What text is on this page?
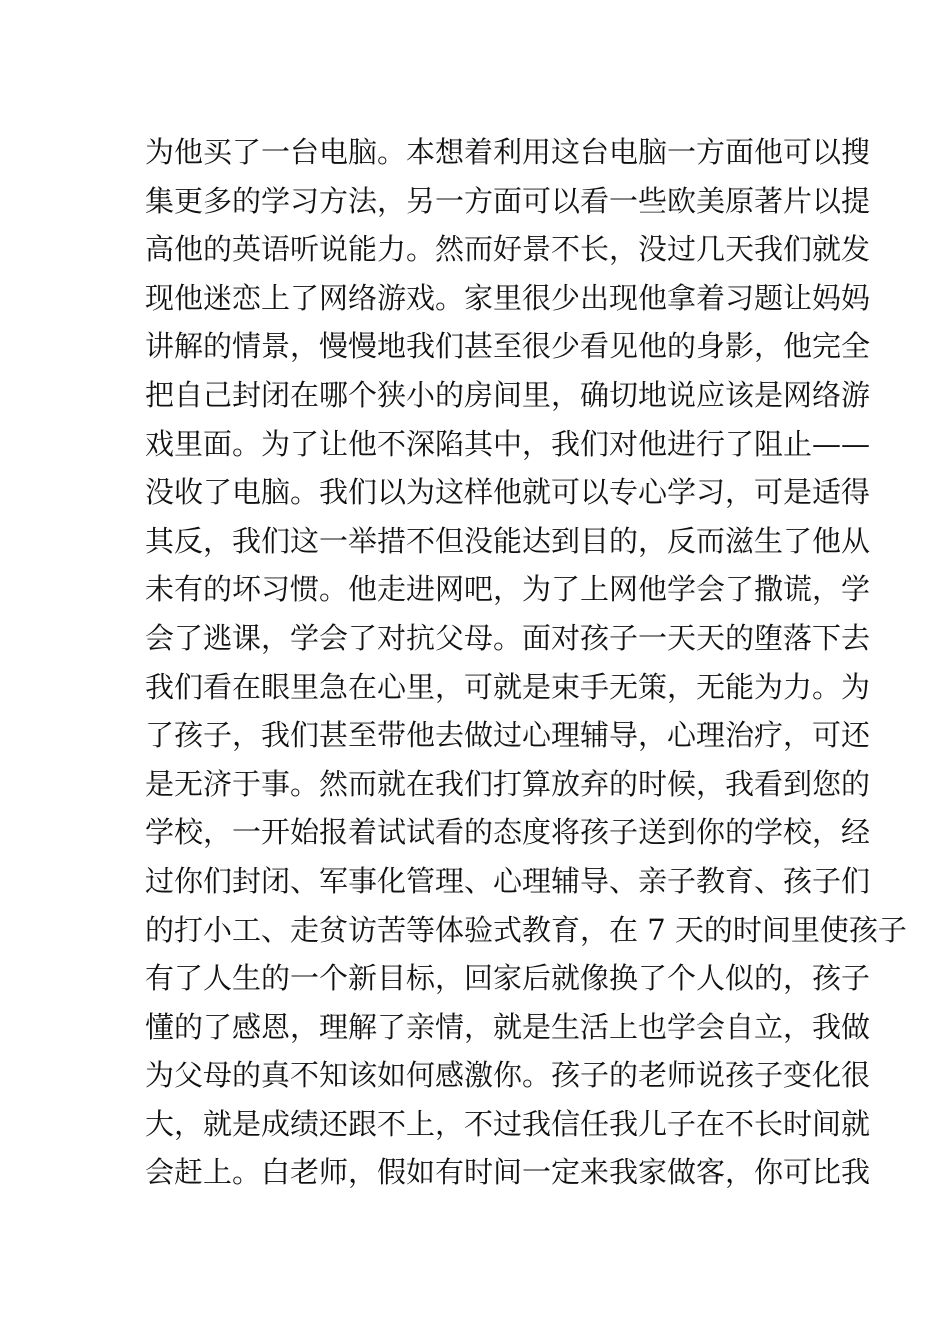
为他买了一台电脑。本想着利用这台电脑一方面他可以搜
集更多的学习方法，另一方面可以看一些欧美原著片以提
高他的英语听说能力。然而好景不长，没过几天我们就发
现他迷恋上了网络游戏。家里很少出现他拿着习题让妈妈
讲解的情景，慢慢地我们甚至很少看见他的身影，他完全
把自己封闭在哪个狭小的房间里，确切地说应该是网络游
戏里面。为了让他不深陷其中，我们对他进行了阻止——
没收了电脑。我们以为这样他就可以专心学习，可是适得
其反，我们这一举措不但没能达到目的，反而滋生了他从
未有的坏习惯。他走进网吧，为了上网他学会了撒谎，学
会了逃课，学会了对抗父母。面对孩子一天天的堕落下去
我们看在眼里急在心里，可就是束手无策，无能为力。为
了孩子，我们甚至带他去做过心理辅导，心理治疗，可还
是无济于事。然而就在我们打算放弃的时候，我看到您的
学校，一开始报着试试看的态度将孩子送到你的学校，经
过你们封闭、军事化管理、心理辅导、亲子教育、孩子们
的打小工、走贫访苦等体验式教育，在 7 天的时间里使孩子
有了人生的一个新目标，回家后就像换了个人似的，孩子
懂的了感恩，理解了亲情，就是生活上也学会自立，我做
为父母的真不知该如何感激你。孩子的老师说孩子变化很
大，就是成绩还跟不上，不过我信任我儿子在不长时间就
会赶上。白老师，假如有时间一定来我家做客，你可比我
